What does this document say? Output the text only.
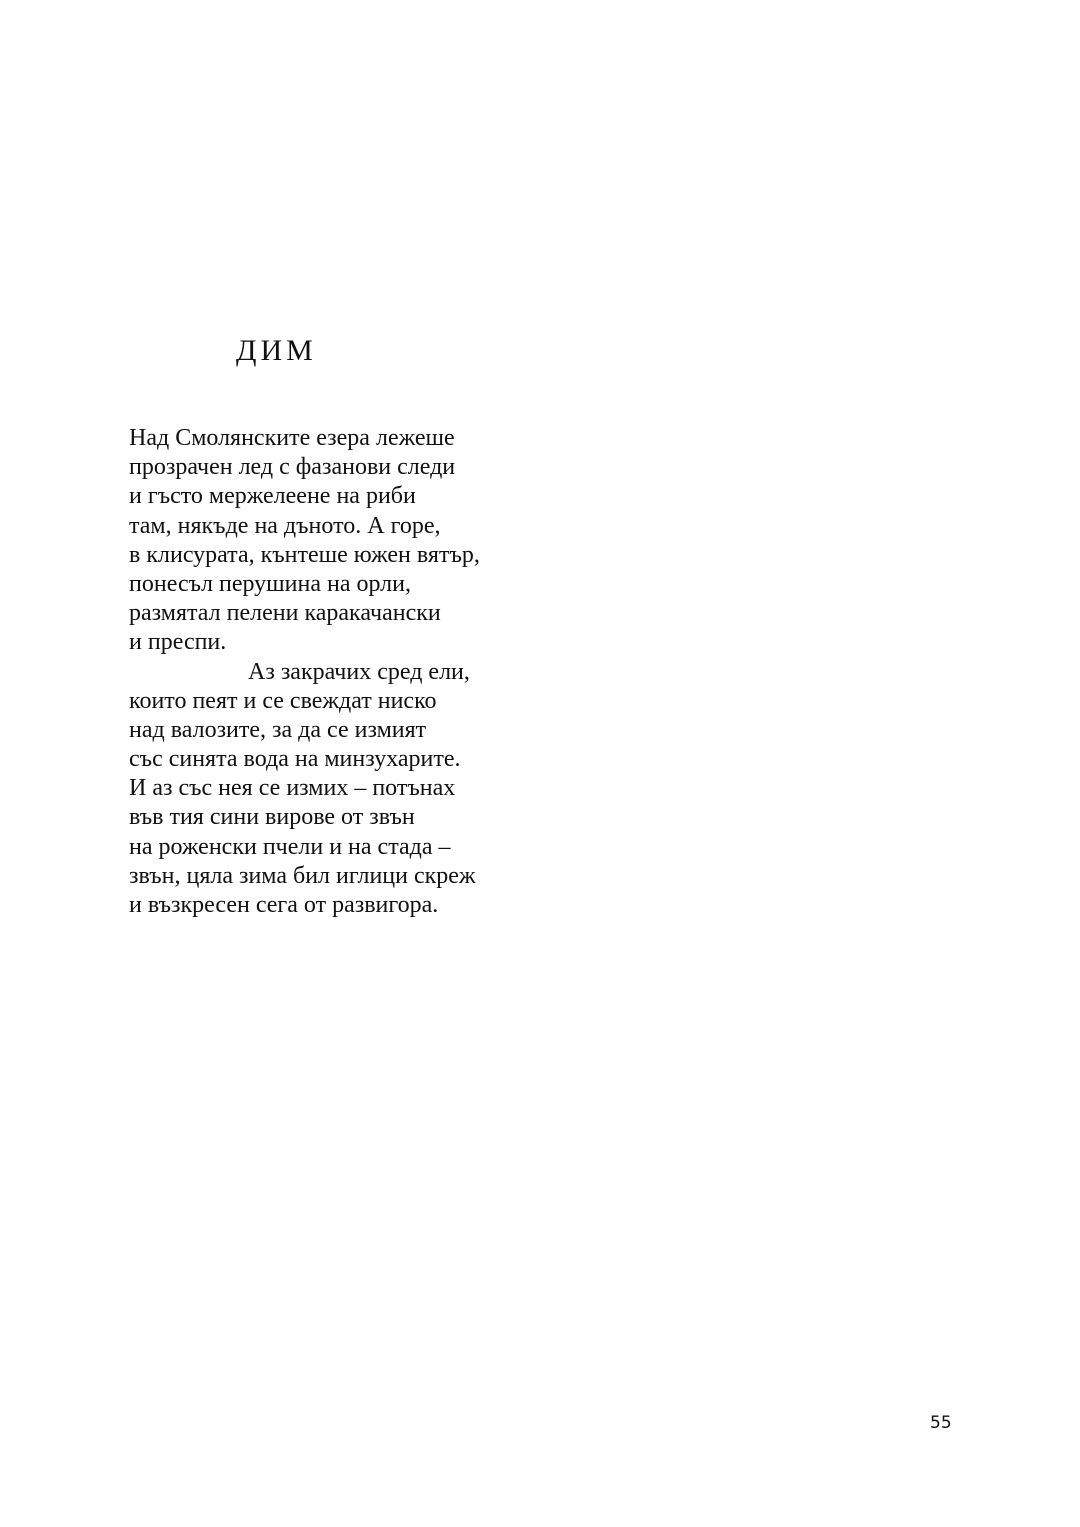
ДИМ
Над Смолянските езера лежеше
прозрачен лед с фазанови следи
и гъсто мержелеене на риби
там, някъде на дъното. А горе,
в клисурата, кънтеше южен вятър,
понесъл перушина на орли,
размятал пелени каракачански
и преспи.
Аз закрачих сред ели,
които пеят и се свеждат ниско
над валозите, за да се измият
със синята вода на минзухарите.
И аз със нея се измих – потънах
във тия сини вирове от звън
на роженски пчели и на стада –
звън, цяла зима бил иглици скреж
и възкресен сега от развигора.
55
